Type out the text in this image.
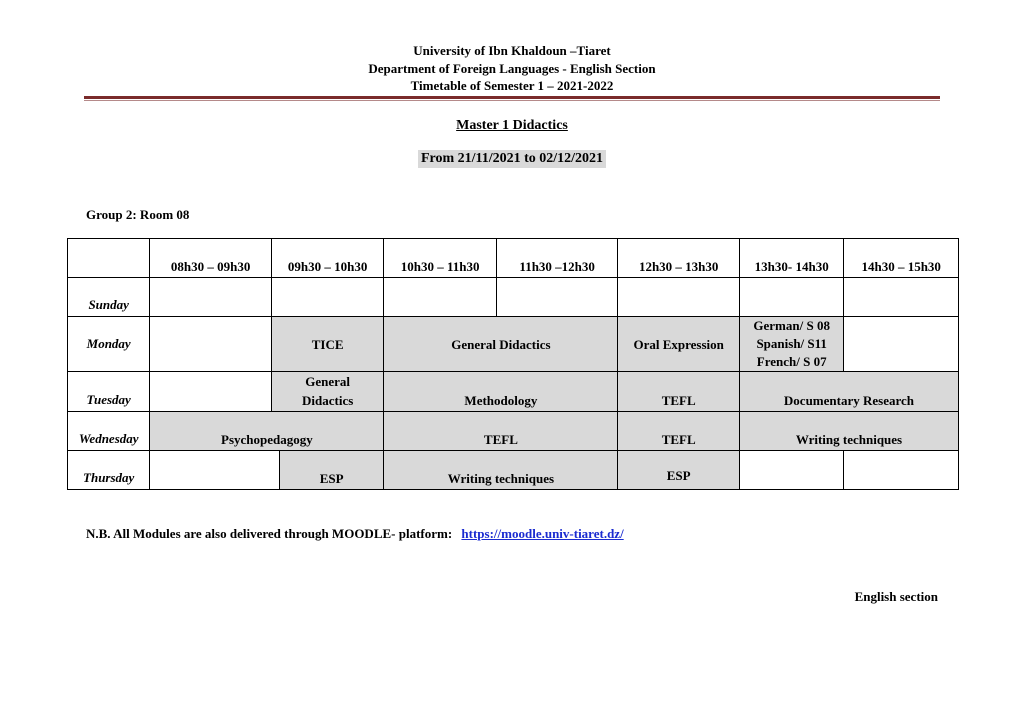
University of Ibn Khaldoun –Tiaret
Department of Foreign Languages - English Section
Timetable of Semester 1 – 2021-2022
Master 1 Didactics
From 21/11/2021 to 02/12/2021
Group 2: Room 08
	08h30 – 09h30	09h30 – 10h30		10h30 – 11h30	11h30 –12h30	12h30 – 13h30	13h30- 14h30	14h30 – 15h30
Sunday								
Monday		TICE		General Didactics		Oral Expression	German/ S 08
Spanish/ S11
French/ S 07	

Tuesday		General
Didactics		Methodology		TEFL	Documentary Research	
Wednesday	Psychopedagogy			TEFL		TEFL	Writing techniques	
Thursday			ESP	Writing techniques		ESP		
N.B. All Modules are also delivered through MOODLE- platform: https://moodle.univ-tiaret.dz/
English section
